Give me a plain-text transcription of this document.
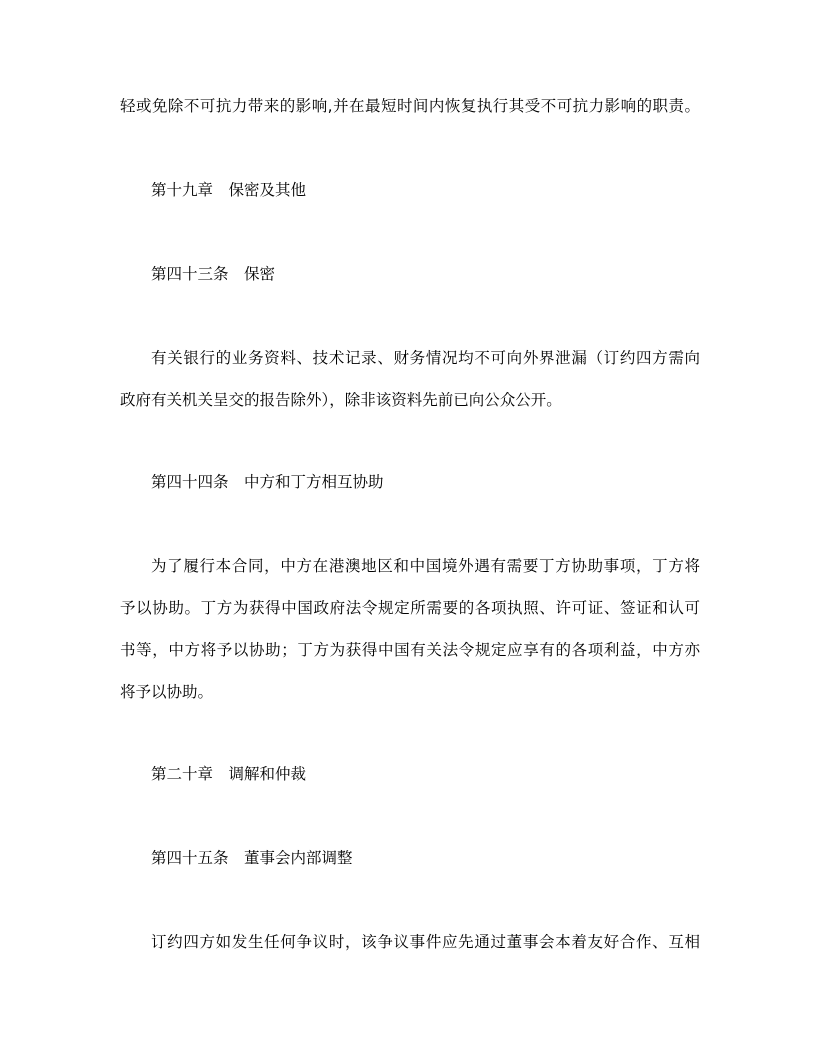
轻或免除不可抗力带来的影响,并在最短时间内恢复执行其受不可抗力影响的职责。
第十九章　保密及其他
第四十三条　保密
有关银行的业务资料、技术记录、财务情况均不可向外界泄漏（订约四方需向
政府有关机关呈交的报告除外），除非该资料先前已向公众公开。
第四十四条　中方和丁方相互协助
为了履行本合同，中方在港澳地区和中国境外遇有需要丁方协助事项，丁方将
予以协助。丁方为获得中国政府法令规定所需要的各项执照、许可证、签证和认可
书等，中方将予以协助；丁方为获得中国有关法令规定应享有的各项利益，中方亦
将予以协助。
第二十章　调解和仲裁
第四十五条　董事会内部调整
订约四方如发生任何争议时，该争议事件应先通过董事会本着友好合作、互相
